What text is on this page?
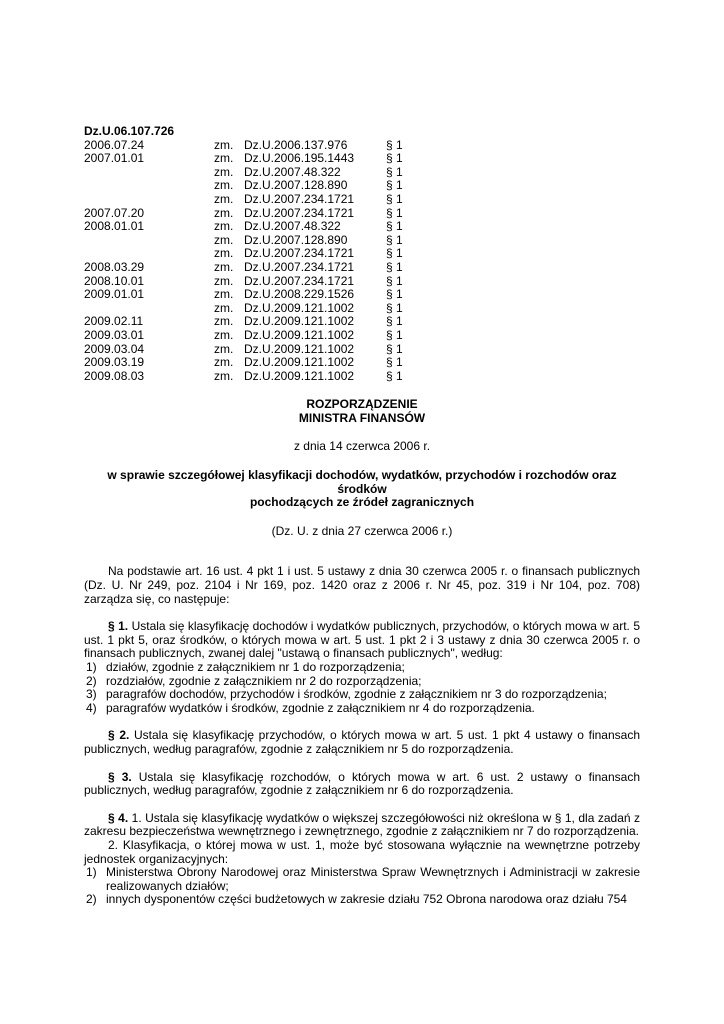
Dz.U.06.107.726
2006.07.24	zm.	Dz.U.2006.137.976	§ 1
2007.01.01	zm.	Dz.U.2006.195.1443	§ 1
	zm.	Dz.U.2007.48.322	§ 1
	zm.	Dz.U.2007.128.890	§ 1
	zm.	Dz.U.2007.234.1721	§ 1
2007.07.20	zm.	Dz.U.2007.234.1721	§ 1
2008.01.01	zm.	Dz.U.2007.48.322	§ 1
	zm.	Dz.U.2007.128.890	§ 1
	zm.	Dz.U.2007.234.1721	§ 1
2008.03.29	zm.	Dz.U.2007.234.1721	§ 1
2008.10.01	zm.	Dz.U.2007.234.1721	§ 1
2009.01.01	zm.	Dz.U.2008.229.1526	§ 1
	zm.	Dz.U.2009.121.1002	§ 1
2009.02.11	zm.	Dz.U.2009.121.1002	§ 1
2009.03.01	zm.	Dz.U.2009.121.1002	§ 1
2009.03.04	zm.	Dz.U.2009.121.1002	§ 1
2009.03.19	zm.	Dz.U.2009.121.1002	§ 1
2009.08.03	zm.	Dz.U.2009.121.1002	§ 1
ROZPORZĄDZENIE
MINISTRA FINANSÓW
z dnia 14 czerwca 2006 r.
w sprawie szczegółowej klasyfikacji dochodów, wydatków, przychodów i rozchodów oraz środków
pochodzących ze źródeł zagranicznych
(Dz. U. z dnia 27 czerwca 2006 r.)
Na podstawie art. 16 ust. 4 pkt 1 i ust. 5 ustawy z dnia 30 czerwca 2005 r. o finansach publicznych (Dz. U. Nr 249, poz. 2104 i Nr 169, poz. 1420 oraz z 2006 r. Nr 45, poz. 319 i Nr 104, poz. 708) zarządza się, co następuje:
§ 1. Ustala się klasyfikację dochodów i wydatków publicznych, przychodów, o których mowa w art. 5 ust. 1 pkt 5, oraz środków, o których mowa w art. 5 ust. 1 pkt 2 i 3 ustawy z dnia 30 czerwca 2005 r. o finansach publicznych, zwanej dalej "ustawą o finansach publicznych", według:
1) działów, zgodnie z załącznikiem nr 1 do rozporządzenia;
2) rozdziałów, zgodnie z załącznikiem nr 2 do rozporządzenia;
3) paragrafów dochodów, przychodów i środków, zgodnie z załącznikiem nr 3 do rozporządzenia;
4) paragrafów wydatków i środków, zgodnie z załącznikiem nr 4 do rozporządzenia.
§ 2. Ustala się klasyfikację przychodów, o których mowa w art. 5 ust. 1 pkt 4 ustawy o finansach publicznych, według paragrafów, zgodnie z załącznikiem nr 5 do rozporządzenia.
§ 3. Ustala się klasyfikację rozchodów, o których mowa w art. 6 ust. 2 ustawy o finansach publicznych, według paragrafów, zgodnie z załącznikiem nr 6 do rozporządzenia.
§ 4. 1. Ustala się klasyfikację wydatków o większej szczegółowości niż określona w § 1, dla zadań z zakresu bezpieczeństwa wewnętrznego i zewnętrznego, zgodnie z załącznikiem nr 7 do rozporządzenia.
2. Klasyfikacja, o której mowa w ust. 1, może być stosowana wyłącznie na wewnętrzne potrzeby jednostek organizacyjnych:
1) Ministerstwa Obrony Narodowej oraz Ministerstwa Spraw Wewnętrznych i Administracji w zakresie realizowanych działów;
2) innych dysponentów części budżetowych w zakresie działu 752 Obrona narodowa oraz działu 754
